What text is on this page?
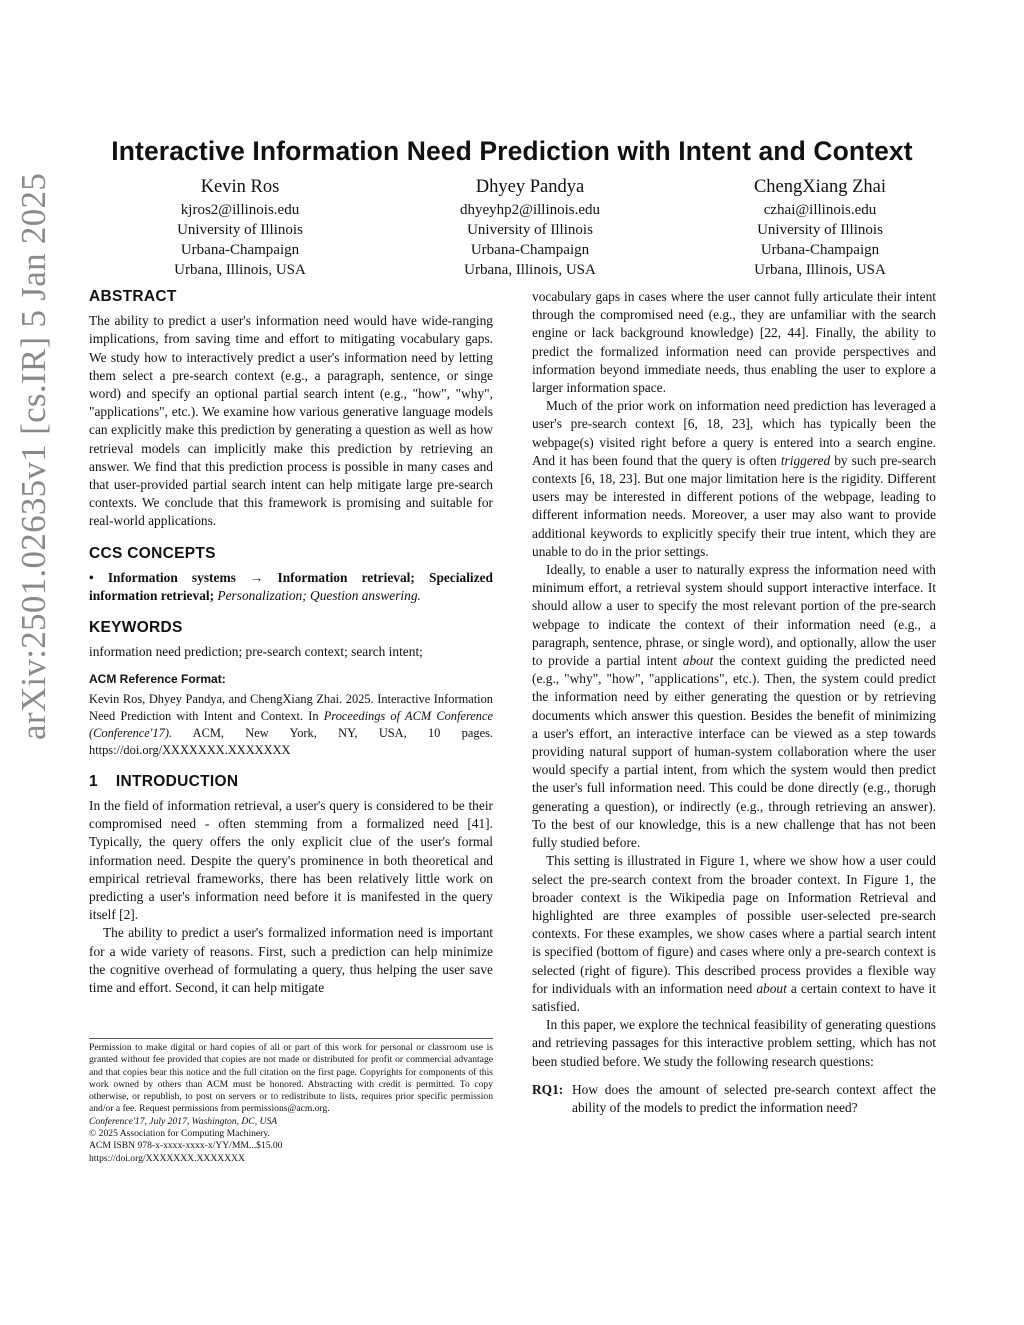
arXiv:2501.02635v1 [cs.IR] 5 Jan 2025
Interactive Information Need Prediction with Intent and Context
Kevin Ros
kjros2@illinois.edu
University of Illinois
Urbana-Champaign
Urbana, Illinois, USA
Dhyey Pandya
dhyeyhp2@illinois.edu
University of Illinois
Urbana-Champaign
Urbana, Illinois, USA
ChengXiang Zhai
czhai@illinois.edu
University of Illinois
Urbana-Champaign
Urbana, Illinois, USA
ABSTRACT

The ability to predict a user's information need would have wide-ranging implications, from saving time and effort to mitigating vocabulary gaps. We study how to interactively predict a user's information need by letting them select a pre-search context (e.g., a paragraph, sentence, or singe word) and specify an optional partial search intent (e.g., "how", "why", "applications", etc.). We examine how various generative language models can explicitly make this prediction by generating a question as well as how retrieval models can implicitly make this prediction by retrieving an answer. We find that this prediction process is possible in many cases and that user-provided partial search intent can help mitigate large pre-search contexts. We conclude that this framework is promising and suitable for real-world applications.

CCS CONCEPTS

• Information systems → Information retrieval; Specialized information retrieval; Personalization; Question answering.

KEYWORDS

information need prediction; pre-search context; search intent;

ACM Reference Format:

Kevin Ros, Dhyey Pandya, and ChengXiang Zhai. 2025. Interactive Information Need Prediction with Intent and Context. In Proceedings of ACM Conference (Conference'17). ACM, New York, NY, USA, 10 pages. https://doi.org/XXXXXXX.XXXXXXX

1 INTRODUCTION

In the field of information retrieval, a user's query is considered to be their compromised need - often stemming from a formalized need [41]. Typically, the query offers the only explicit clue of the user's formal information need. Despite the query's prominence in both theoretical and empirical retrieval frameworks, there has been relatively little work on predicting a user's information need before it is manifested in the query itself [2].

The ability to predict a user's formalized information need is important for a wide variety of reasons. First, such a prediction can help minimize the cognitive overhead of formulating a query, thus helping the user save time and effort. Second, it can help mitigate

Permission to make digital or hard copies of all or part of this work for personal or classroom use is granted without fee provided that copies are not made or distributed for profit or commercial advantage and that copies bear this notice and the full citation on the first page. Copyrights for components of this work owned by others than ACM must be honored. Abstracting with credit is permitted. To copy otherwise, or republish, to post on servers or to redistribute to lists, requires prior specific permission and/or a fee. Request permissions from permissions@acm.org.

Conference'17, July 2017, Washington, DC, USA

© 2025 Association for Computing Machinery.

ACM ISBN 978-x-xxxx-xxxx-x/YY/MM...$15.00

https://doi.org/XXXXXXX.XXXXXXX

vocabulary gaps in cases where the user cannot fully articulate their intent through the compromised need (e.g., they are unfamiliar with the search engine or lack background knowledge) [22, 44]. Finally, the ability to predict the formalized information need can provide perspectives and information beyond immediate needs, thus enabling the user to explore a larger information space.

Much of the prior work on information need prediction has leveraged a user's pre-search context [6, 18, 23], which has typically been the webpage(s) visited right before a query is entered into a search engine. And it has been found that the query is often triggered by such pre-search contexts [6, 18, 23]. But one major limitation here is the rigidity. Different users may be interested in different potions of the webpage, leading to different information needs. Moreover, a user may also want to provide additional keywords to explicitly specify their true intent, which they are unable to do in the prior settings.

Ideally, to enable a user to naturally express the information need with minimum effort, a retrieval system should support interactive interface. It should allow a user to specify the most relevant portion of the pre-search webpage to indicate the context of their information need (e.g., a paragraph, sentence, phrase, or single word), and optionally, allow the user to provide a partial intent about the context guiding the predicted need (e.g., "why", "how", "applications", etc.). Then, the system could predict the information need by either generating the question or by retrieving documents which answer this question. Besides the benefit of minimizing a user's effort, an interactive interface can be viewed as a step towards providing natural support of human-system collaboration where the user would specify a partial intent, from which the system would then predict the user's full information need. This could be done directly (e.g., thorugh generating a question), or indirectly (e.g., through retrieving an answer). To the best of our knowledge, this is a new challenge that has not been fully studied before.

This setting is illustrated in Figure 1, where we show how a user could select the pre-search context from the broader context. In Figure 1, the broader context is the Wikipedia page on Information Retrieval and highlighted are three examples of possible user-selected pre-search contexts. For these examples, we show cases where a partial search intent is specified (bottom of figure) and cases where only a pre-search context is selected (right of figure). This described process provides a flexible way for individuals with an information need about a certain context to have it satisfied.

In this paper, we explore the technical feasibility of generating questions and retrieving passages for this interactive problem setting, which has not been studied before. We study the following research questions:

RQ1: How does the amount of selected pre-search context affect the ability of the models to predict the information need?
